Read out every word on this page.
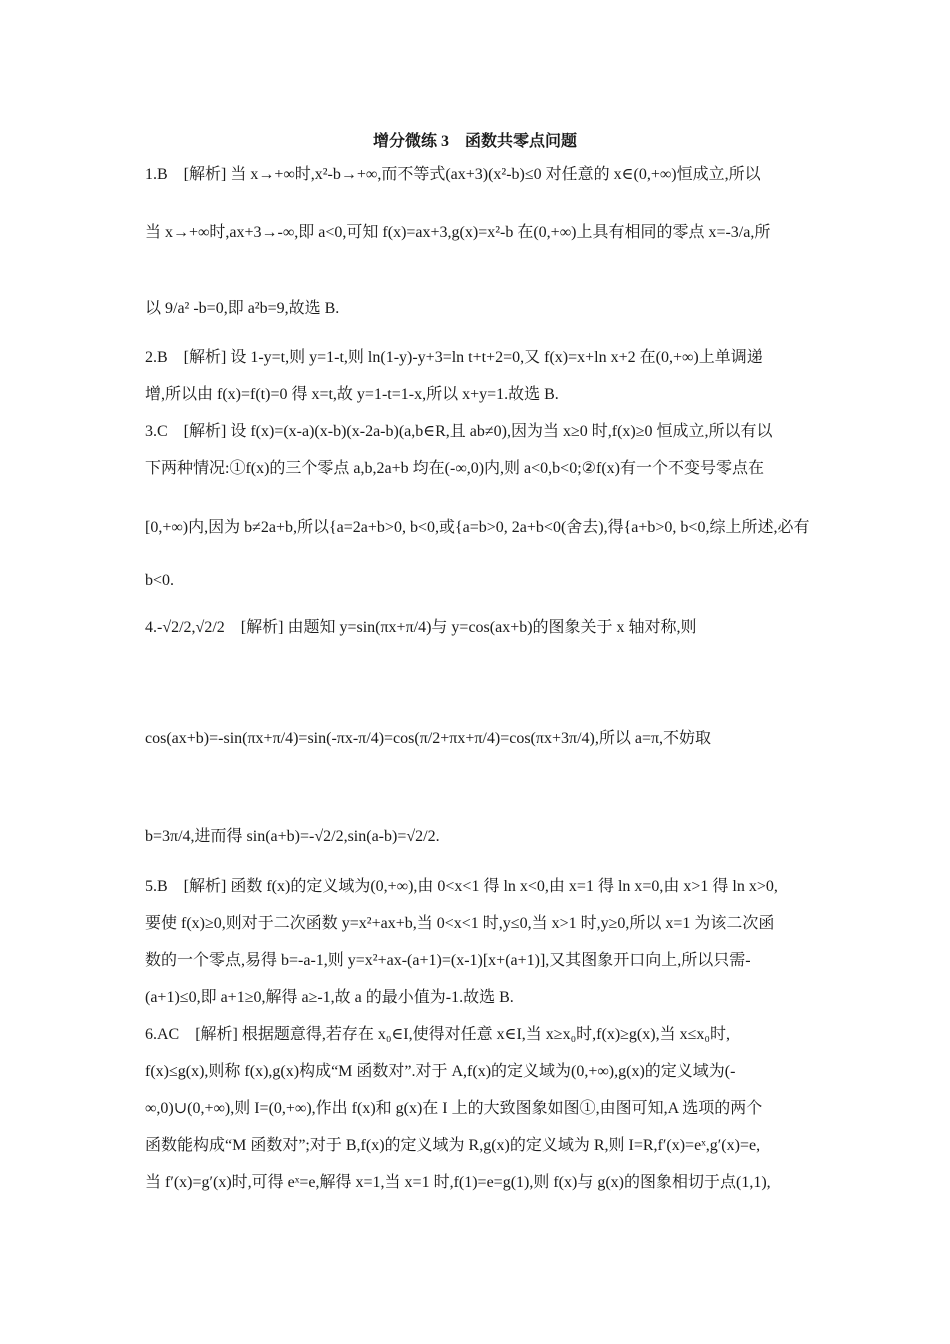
增分微练 3　函数共零点问题
1.B　[解析] 当 x→+∞时,x²-b→+∞,而不等式(ax+3)(x²-b)≤0 对任意的 x∈(0,+∞)恒成立,所以
当 x→+∞时,ax+3→-∞,即 a<0,可知 f(x)=ax+3,g(x)=x²-b 在(0,+∞)上具有相同的零点 x=-3/a,所
以 9/a² -b=0,即 a²b=9,故选 B.
2.B　[解析] 设 1-y=t,则 y=1-t,则 ln(1-y)-y+3=ln t+t+2=0,又 f(x)=x+ln x+2 在(0,+∞)上单调递
增,所以由 f(x)=f(t)=0 得 x=t,故 y=1-t=1-x,所以 x+y=1.故选 B.
3.C　[解析] 设 f(x)=(x-a)(x-b)(x-2a-b)(a,b∈R,且 ab≠0),因为当 x≥0 时,f(x)≥0 恒成立,所以有以
下两种情况:①f(x)的三个零点 a,b,2a+b 均在(-∞,0)内,则 a<0,b<0;②f(x)有一个不变号零点在
[0,+∞)内,因为 b≠2a+b,所以{a=2a+b>0, b<0,或{a=b>0, 2a+b<0(舍去),得{a+b>0, b<0,综上所述,必有
b<0.
4.-√2/2,√2/2　[解析] 由题知 y=sin(πx+π/4)与 y=cos(ax+b)的图象关于 x 轴对称,则
cos(ax+b)=-sin(πx+π/4)=sin(-πx-π/4)=cos(π/2+πx+π/4)=cos(πx+3π/4),所以 a=π,不妨取
b=3π/4,进而得 sin(a+b)=-√2/2,sin(a-b)=√2/2.
5.B　[解析] 函数 f(x)的定义域为(0,+∞),由 0<x<1 得 ln x<0,由 x=1 得 ln x=0,由 x>1 得 ln x>0,
要使 f(x)≥0,则对于二次函数 y=x²+ax+b,当 0<x<1 时,y≤0,当 x>1 时,y≥0,所以 x=1 为该二次函
数的一个零点,易得 b=-a-1,则 y=x²+ax-(a+1)=(x-1)[x+(a+1)],又其图象开口向上,所以只需-
(a+1)≤0,即 a+1≥0,解得 a≥-1,故 a 的最小值为-1.故选 B.
6.AC　[解析] 根据题意得,若存在 x₀∈I,使得对任意 x∈I,当 x≥x₀时,f(x)≥g(x),当 x≤x₀时,
f(x)≤g(x),则称 f(x),g(x)构成“M 函数对”.对于 A,f(x)的定义域为(0,+∞),g(x)的定义域为(-
∞,0)∪(0,+∞),则 I=(0,+∞),作出 f(x)和 g(x)在 I 上的大致图象如图①,由图可知,A 选项的两个
函数能构成“M 函数对”;对于 B,f(x)的定义域为 R,g(x)的定义域为 R,则 I=R,f′(x)=eˣ,g′(x)=e,
当 f′(x)=g′(x)时,可得 eˣ=e,解得 x=1,当 x=1 时,f(1)=e=g(1),则 f(x)与 g(x)的图象相切于点(1,1),
